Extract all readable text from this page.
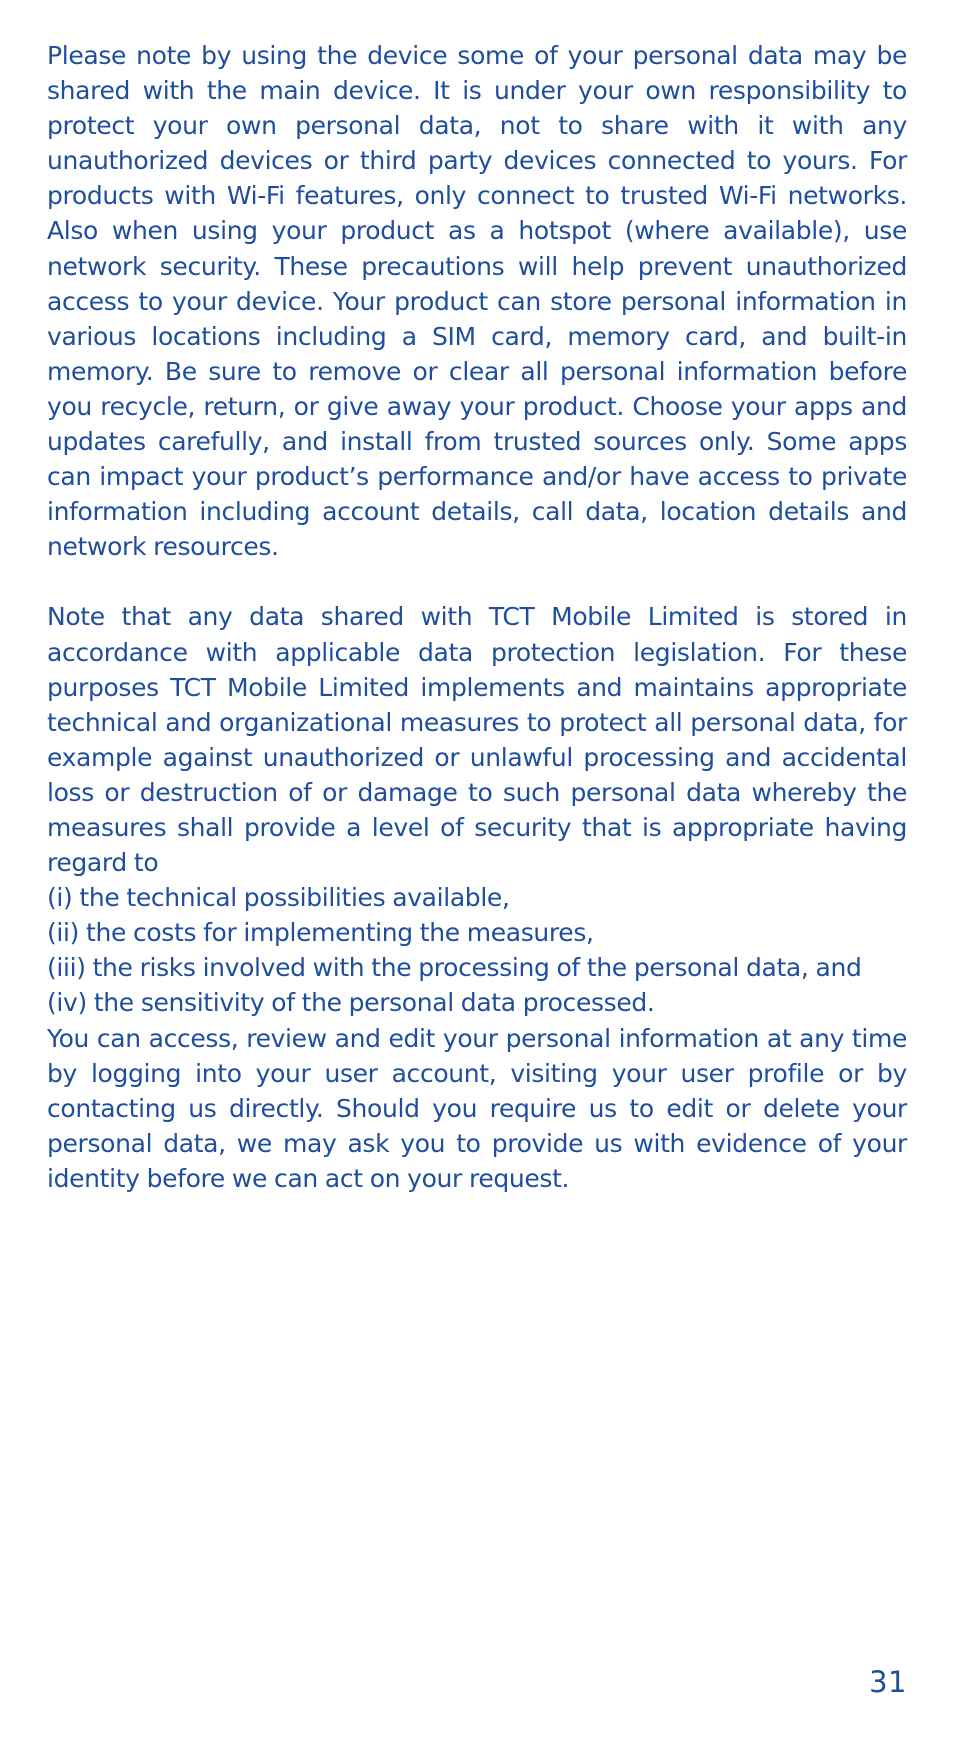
Please note by using the device some of your personal data may be shared with the main device. It is under your own responsibility to protect your own personal data, not to share with it with any unauthorized devices or third party devices connected to yours. For products with Wi-Fi features, only connect to trusted Wi-Fi networks. Also when using your product as a hotspot (where available), use network security. These precautions will help prevent unauthorized access to your device. Your product can store personal information in various locations including a SIM card, memory card, and built-in memory. Be sure to remove or clear all personal information before you recycle, return, or give away your product. Choose your apps and updates carefully, and install from trusted sources only. Some apps can impact your product’s performance and/or have access to private information including account details, call data, location details and network resources.

Note that any data shared with TCT Mobile Limited is stored in accordance with applicable data protection legislation. For these purposes TCT Mobile Limited implements and maintains appropriate technical and organizational measures to protect all personal data, for example against unauthorized or unlawful processing and accidental loss or destruction of or damage to such personal data whereby the measures shall provide a level of security that is appropriate having regard to

(i) the technical possibilities available,

(ii) the costs for implementing the measures,

(iii) the risks involved with the processing of the personal data, and

(iv) the sensitivity of the personal data processed.

You can access, review and edit your personal information at any time by logging into your user account, visiting your user profile or by contacting us directly. Should you require us to edit or delete your personal data, we may ask you to provide us with evidence of your identity before we can act on your request.

31
